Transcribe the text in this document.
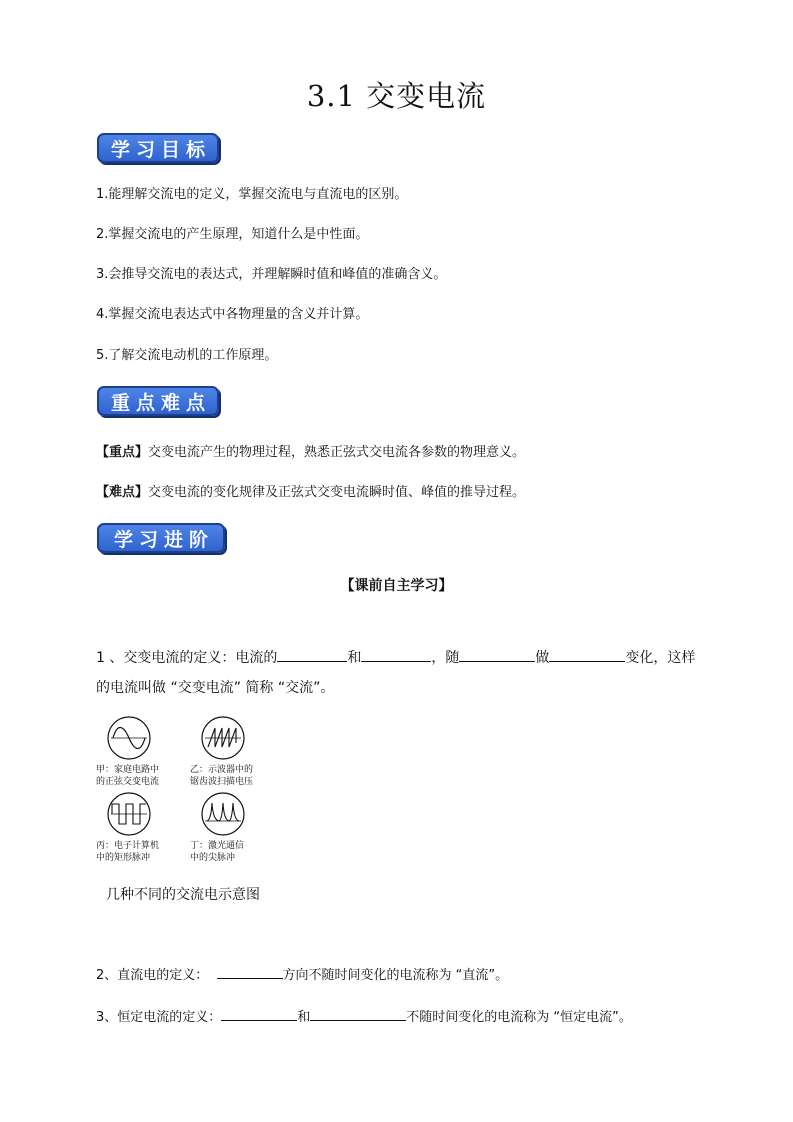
3.1 交变电流
学习目标
1.能理解交流电的定义，掌握交流电与直流电的区别。
2.掌握交流电的产生原理，知道什么是中性面。
3.会推导交流电的表达式，并理解瞬时值和峰值的准确含义。
4.掌握交流电表达式中各物理量的含义并计算。
5.了解交流电动机的工作原理。
重点难点
【重点】交变电流产生的物理过程，熟悉正弦式交电流各参数的物理意义。
【难点】交变电流的变化规律及正弦式交变电流瞬时值、峰值的推导过程。
学习进阶
【课前自主学习】
1 、交变电流的定义：电流的	和	，随	做	变化，这样
的电流叫做 “交变电流” 简称 “交流”。
甲：家庭电路中
的正弦交变电流
乙：示波器中的
锯齿波扫描电压
丙：电子计算机
中的矩形脉冲
丁：激光通信
中的尖脉冲
几种不同的交流电示意图
2、直流电的定义：	方向不随时间变化的电流称为 “直流”。
3、恒定电流的定义：	和	不随时间变化的电流称为 “恒定电流”。
